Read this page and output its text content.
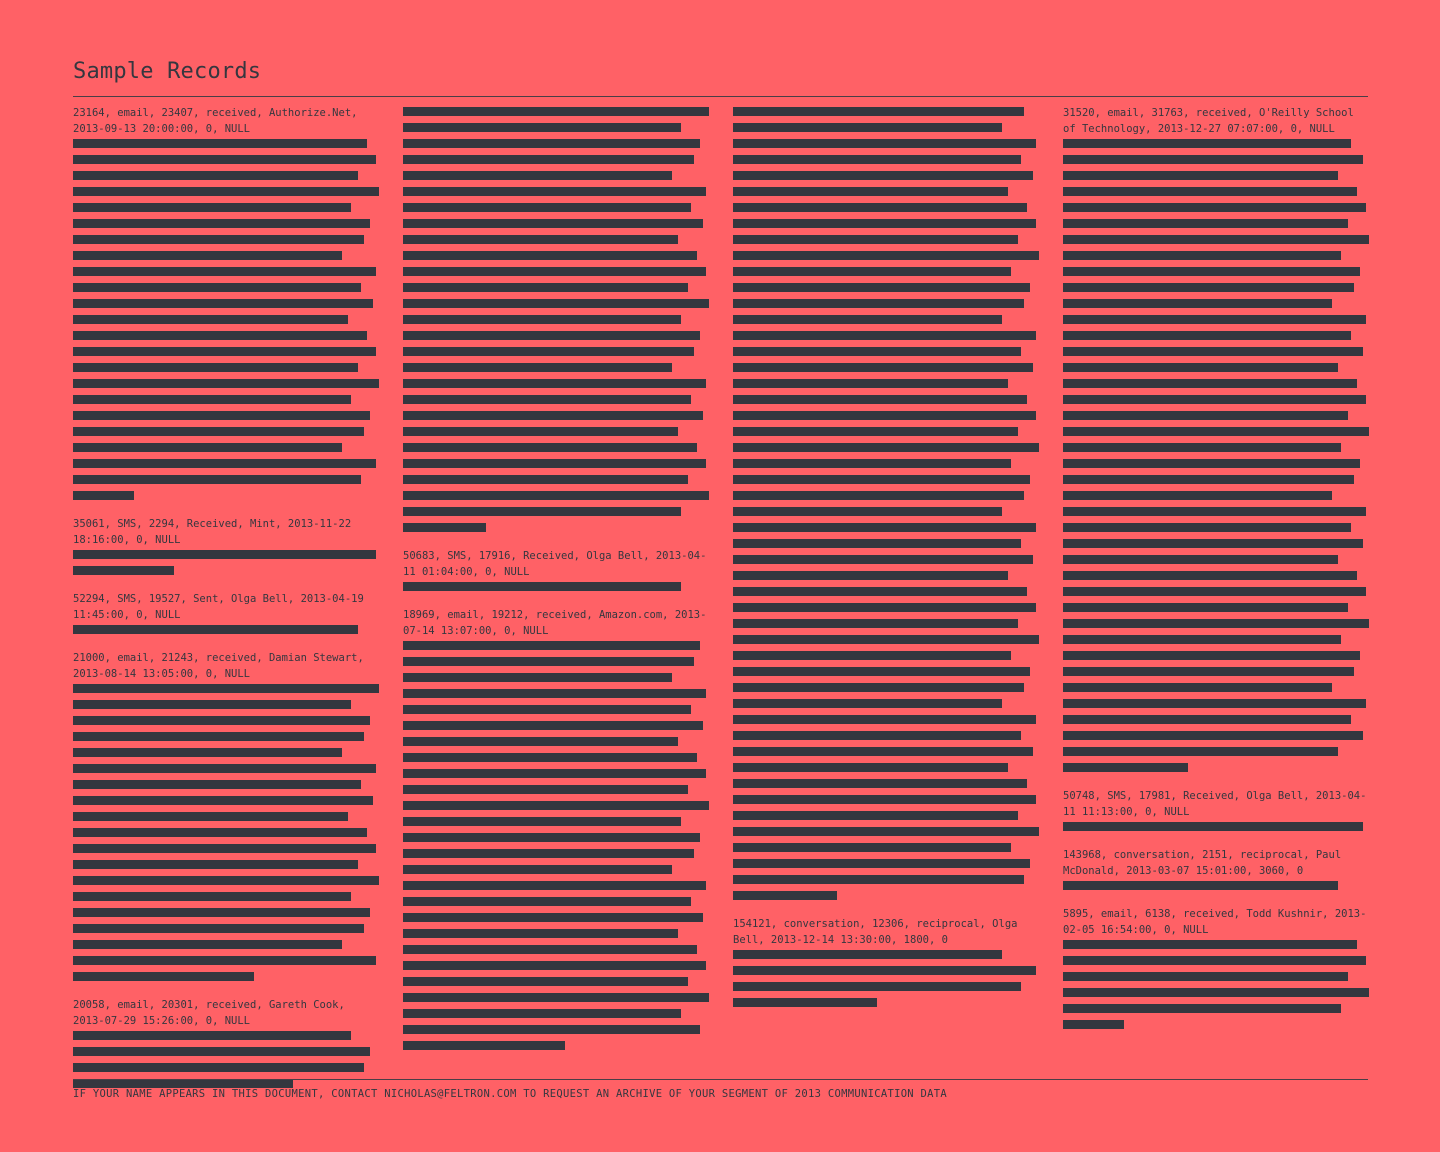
Sample Records
23164, email, 23407, received, Authorize.Net, 2013-09-13 20:00:00, 0, NULL
35061, SMS, 2294, Received, Mint, 2013-11-22 18:16:00, 0, NULL
52294, SMS, 19527, Sent, Olga Bell, 2013-04-19 11:45:00, 0, NULL
21000, email, 21243, received, Damian Stewart, 2013-08-14 13:05:00, 0, NULL
20058, email, 20301, received, Gareth Cook, 2013-07-29 15:26:00, 0, NULL
50683, SMS, 17916, Received, Olga Bell, 2013-04-11 01:04:00, 0, NULL
18969, email, 19212, received, Amazon.com, 2013-07-14 13:07:00, 0, NULL
154121, conversation, 12306, reciprocal, Olga Bell, 2013-12-14 13:30:00, 1800, 0
31520, email, 31763, received, O'Reilly School of Technology, 2013-12-27 07:07:00, 0, NULL
50748, SMS, 17981, Received, Olga Bell, 2013-04-11 11:13:00, 0, NULL
143968, conversation, 2151, reciprocal, Paul McDonald, 2013-03-07 15:01:00, 3060, 0
5895, email, 6138, received, Todd Kushnir, 2013-02-05 16:54:00, 0, NULL
IF YOUR NAME APPEARS IN THIS DOCUMENT, CONTACT NICHOLAS@FELTRON.COM TO REQUEST AN ARCHIVE OF YOUR SEGMENT OF 2013 COMMUNICATION DATA
